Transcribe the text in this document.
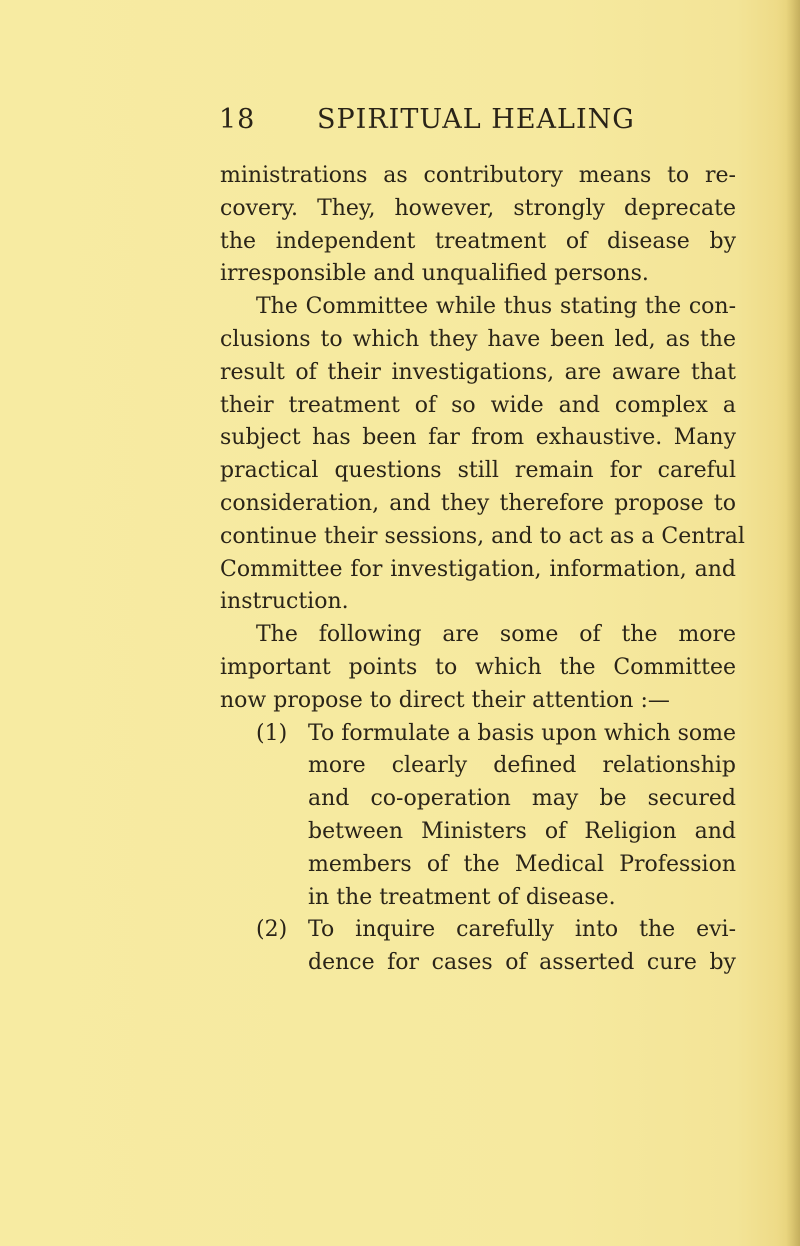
18 SPIRITUAL HEALING
ministrations as contributory means to re-
covery. They, however, strongly deprecate
the independent treatment of disease by
irresponsible and unqualified persons.
The Committee while thus stating the con-
clusions to which they have been led, as the
result of their investigations, are aware that
their treatment of so wide and complex a
subject has been far from exhaustive. Many
practical questions still remain for careful
consideration, and they therefore propose to
continue their sessions, and to act as a Central
Committee for investigation, information, and
instruction.
The following are some of the more
important points to which the Committee
now propose to direct their attention :—
(1) To formulate a basis upon which some
more clearly defined relationship
and co-operation may be secured
between Ministers of Religion and
members of the Medical Profession
in the treatment of disease.
(2) To inquire carefully into the evi-
dence for cases of asserted cure by
